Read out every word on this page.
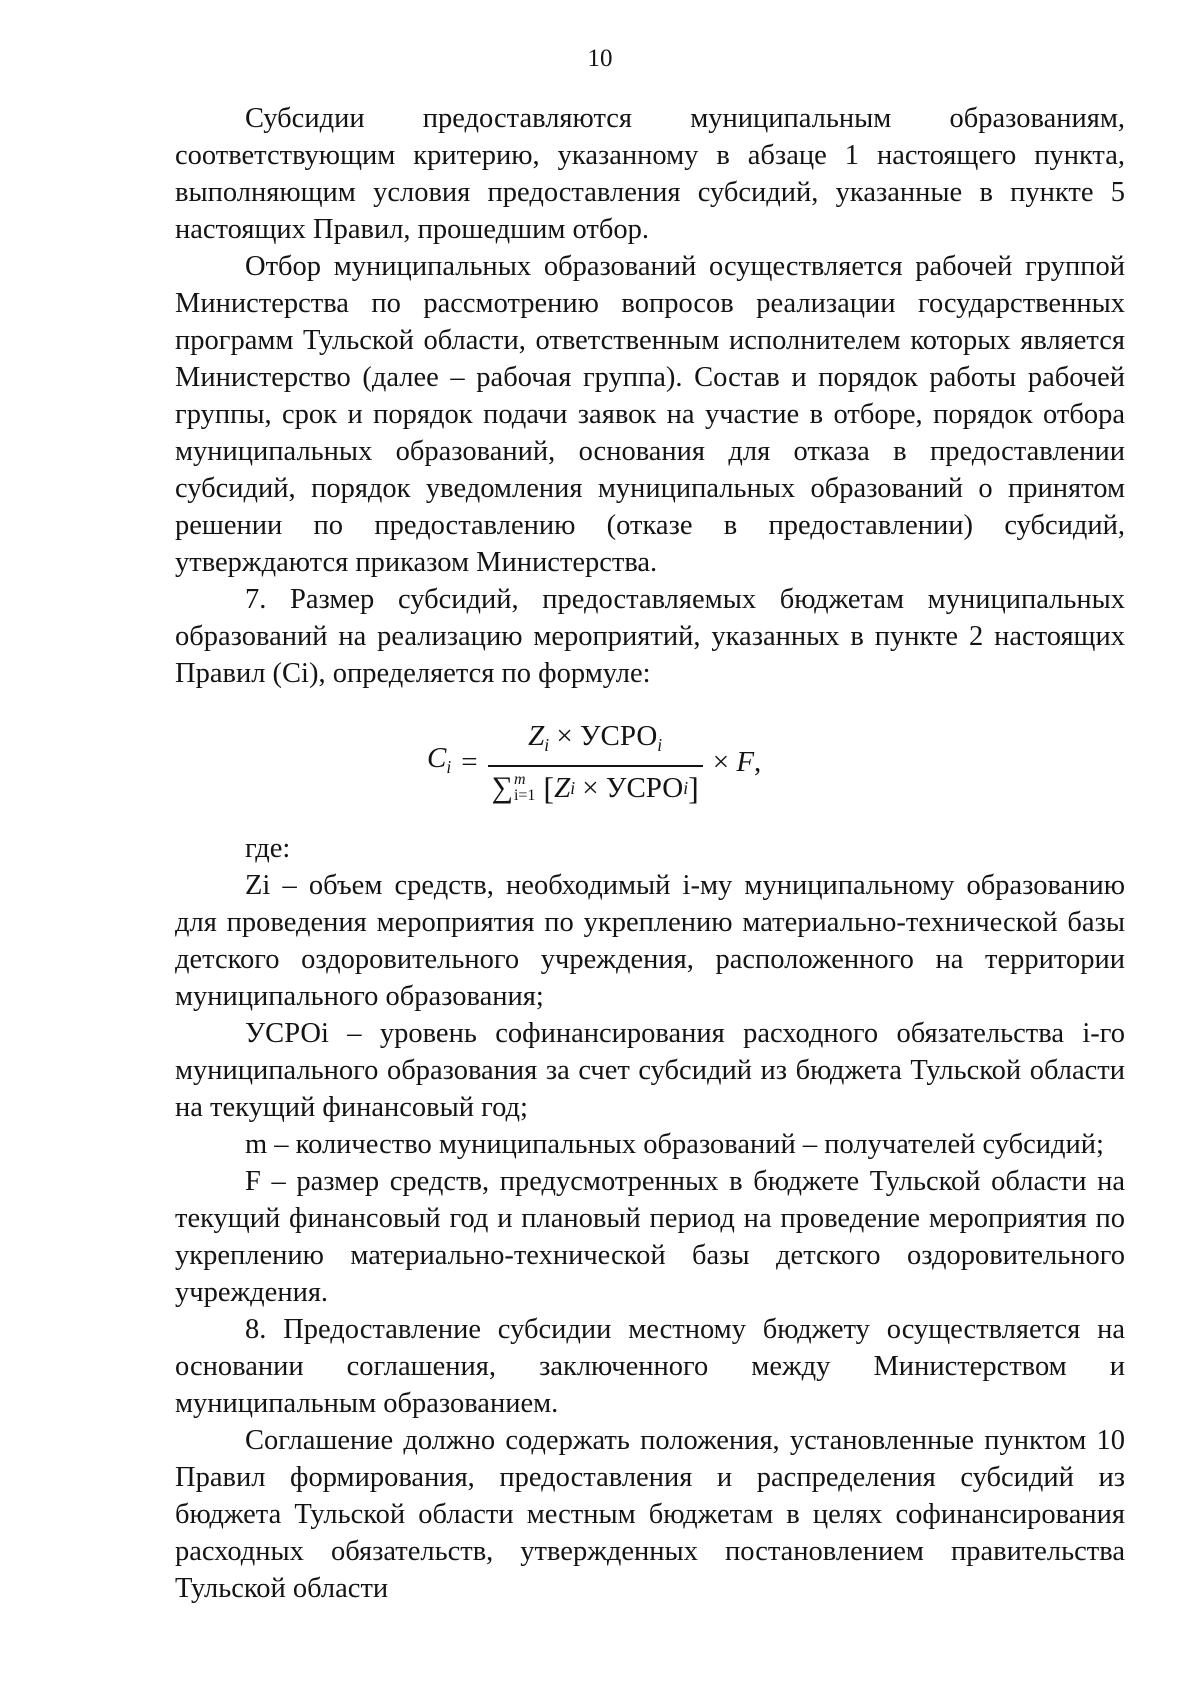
10

Субсидии предоставляются муниципальным образованиям, соответствующим критерию, указанному в абзаце 1 настоящего пункта, выполняющим условия предоставления субсидий, указанные в пункте 5 настоящих Правил, прошедшим отбор.

Отбор муниципальных образований осуществляется рабочей группой Министерства по рассмотрению вопросов реализации государственных программ Тульской области, ответственным исполнителем которых является Министерство (далее – рабочая группа). Состав и порядок работы рабочей группы, срок и порядок подачи заявок на участие в отборе, порядок отбора муниципальных образований, основания для отказа в предоставлении субсидий, порядок уведомления муниципальных образований о принятом решении по предоставлению (отказе в предоставлении) субсидий, утверждаются приказом Министерства.

7. Размер субсидий, предоставляемых бюджетам муниципальных образований на реализацию мероприятий, указанных в пункте 2 настоящих Правил (Ci), определяется по формуле:

$C_i$ =
$Z_i$ × $УСРО_i$
∑ m
i=1 [ Z i
×
УСРО i ]
× F,

где:

Zi – объем средств, необходимый i-му муниципальному образованию для проведения мероприятия по укреплению материально-технической базы детского оздоровительного учреждения, расположенного на территории муниципального образования;

УСРОi – уровень софинансирования расходного обязательства i-го муниципального образования за счет субсидий из бюджета Тульской области на текущий финансовый год;

m – количество муниципальных образований – получателей субсидий;

F – размер средств, предусмотренных в бюджете Тульской области на текущий финансовый год и плановый период на проведение мероприятия по укреплению материально-технической базы детского оздоровительного учреждения.

8. Предоставление субсидии местному бюджету осуществляется на основании соглашения, заключенного между Министерством и муниципальным образованием.

Соглашение должно содержать положения, установленные пунктом 10 Правил формирования, предоставления и распределения субсидий из бюджета Тульской области местным бюджетам в целях софинансирования расходных обязательств, утвержденных постановлением правительства Тульской области
